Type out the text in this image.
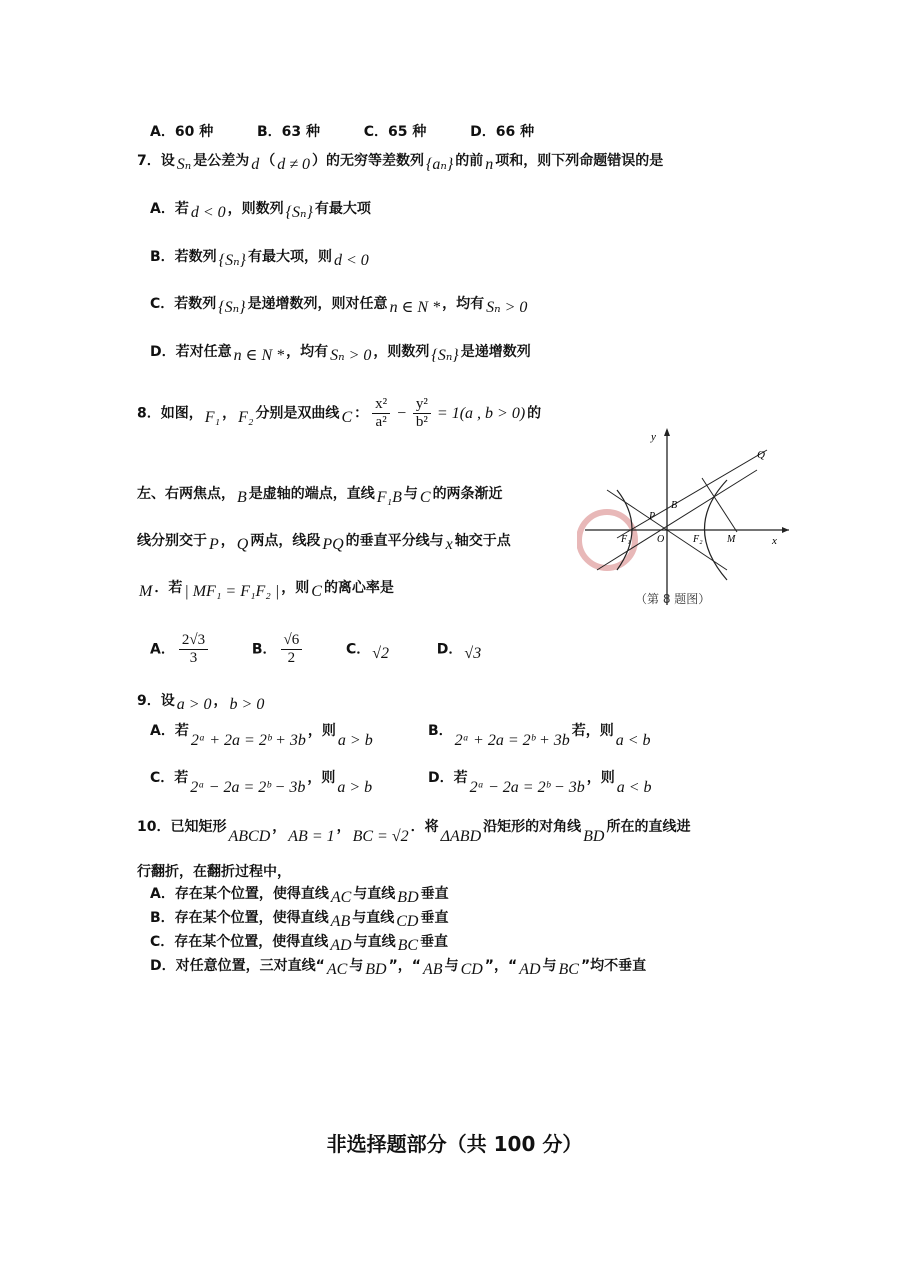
A．60 种	B．63 种	C．65 种	D．66 种
7．设 Sₙ 是公差为 d （ d ≠ 0 ）的无穷等差数列 {aₙ} 的前 n 项和，则下列命题错误的是
A．若 d < 0 ，则数列 {Sₙ} 有最大项
B．若数列 {Sₙ} 有最大项，则 d < 0
C．若数列 {Sₙ} 是递增数列，则对任意 n ∈ N * ，均有 Sₙ > 0
D．若对任意 n ∈ N * ，均有 Sₙ > 0 ，则数列 {Sₙ} 是递增数列
8．如图， F₁ ， F₂ 分别是双曲线 C ： $\frac{\text{x²}}{\text{a²}} - \frac{\text{y²}}{\text{b²}} = 1(a$ , b > 0) 的
左、右两焦点， B 是虚轴的端点，直线 F₁B 与 C 的两条渐近
线分别交于 P ， Q 两点，线段 PQ 的垂直平分线与 x 轴交于点
M ．若 | MF₁ = F₁F₂ | ，则 C 的离心率是
y
x
Q
P
B
O
F₁	F₂ M
（第 8 题图）
A． $\frac{2√3}{3}$	B． $\frac{√6}{2}$	C． √2	D． √3
9．设 a > 0 ， b > 0
A．若2ᵃ + 2a = 2ᵇ + 3b，则a > b
B．2ᵃ + 2a = 2ᵇ + 3b若，则a < b
C．若2ᵃ − 2a = 2ᵇ − 3b，则a > b
D．若2ᵃ − 2a = 2ᵇ − 3b，则a < b
10．已知矩形ABCD，AB = 1，BC = √2．将ΔABD沿矩形的对角线BD所在的直线进
行翻折，在翻折过程中，
A．存在某个位置，使得直线 AC 与直线 BD 垂直
B．存在某个位置，使得直线 AB 与直线 CD 垂直
C．存在某个位置，使得直线 AD 与直线 BC 垂直
D．对任意位置，三对直线“ AC 与 BD ”，“ AB 与 CD ”，“ AD 与 BC ”均不垂直
非选择题部分（共 100 分）
